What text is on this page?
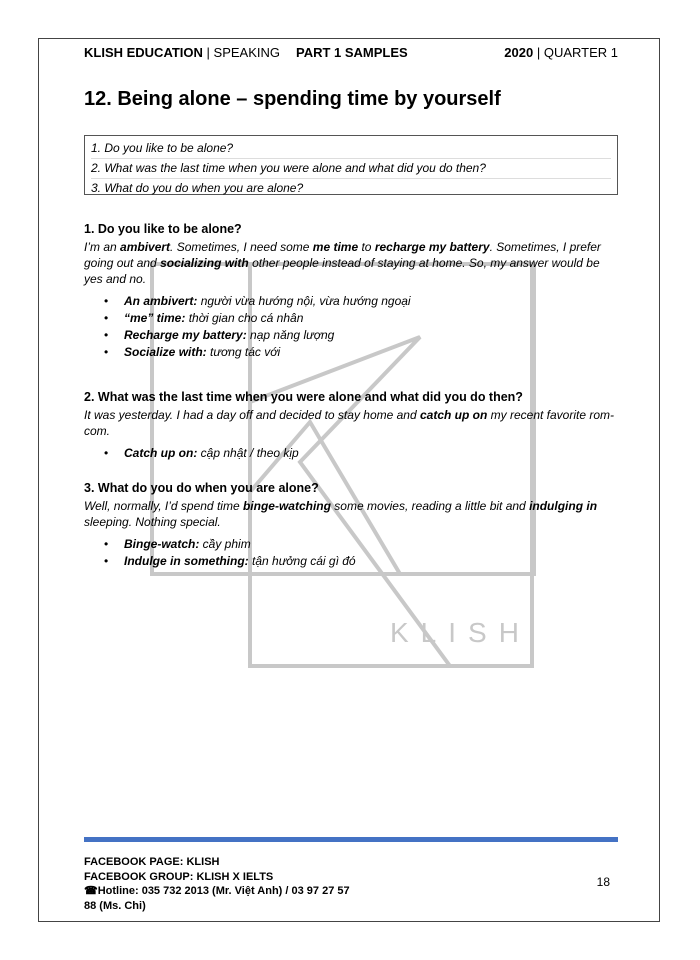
KLISH
KLISH EDUCATION | SPEAKING PART 1 SAMPLES	2020 | QUARTER 1
12. Being alone – spending time by yourself
1. Do you like to be alone?
2. What was the last time when you were alone and what did you do then?
3. What do you do when you are alone?
1. Do you like to be alone?

I’m an ambivert. Sometimes, I need some me time to recharge my battery. Sometimes, I prefer going out and socializing with other people instead of staying at home. So, my answer would be yes and no.

• An ambivert: người vừa hướng nội, vừa hướng ngoại
• “me” time: thời gian cho cá nhân
• Recharge my battery: nạp năng lượng
• Socialize with: tương tác với
2. What was the last time when you were alone and what did you do then?

It was yesterday. I had a day off and decided to stay home and catch up on my recent favorite rom-com.

• Catch up on: cập nhật / theo kịp
3. What do you do when you are alone?

Well, normally, I’d spend time binge-watching some movies, reading a little bit and indulging in sleeping. Nothing special.

• Binge-watch: cầy phim
• Indulge in something: tận hưởng cái gì đó
FACEBOOK PAGE: KLISH
FACEBOOK GROUP: KLISH X IELTS
☎Hotline: 035 732 2013 (Mr. Việt Anh) / 03 97 27 57 88 (Ms. Chi)
18
